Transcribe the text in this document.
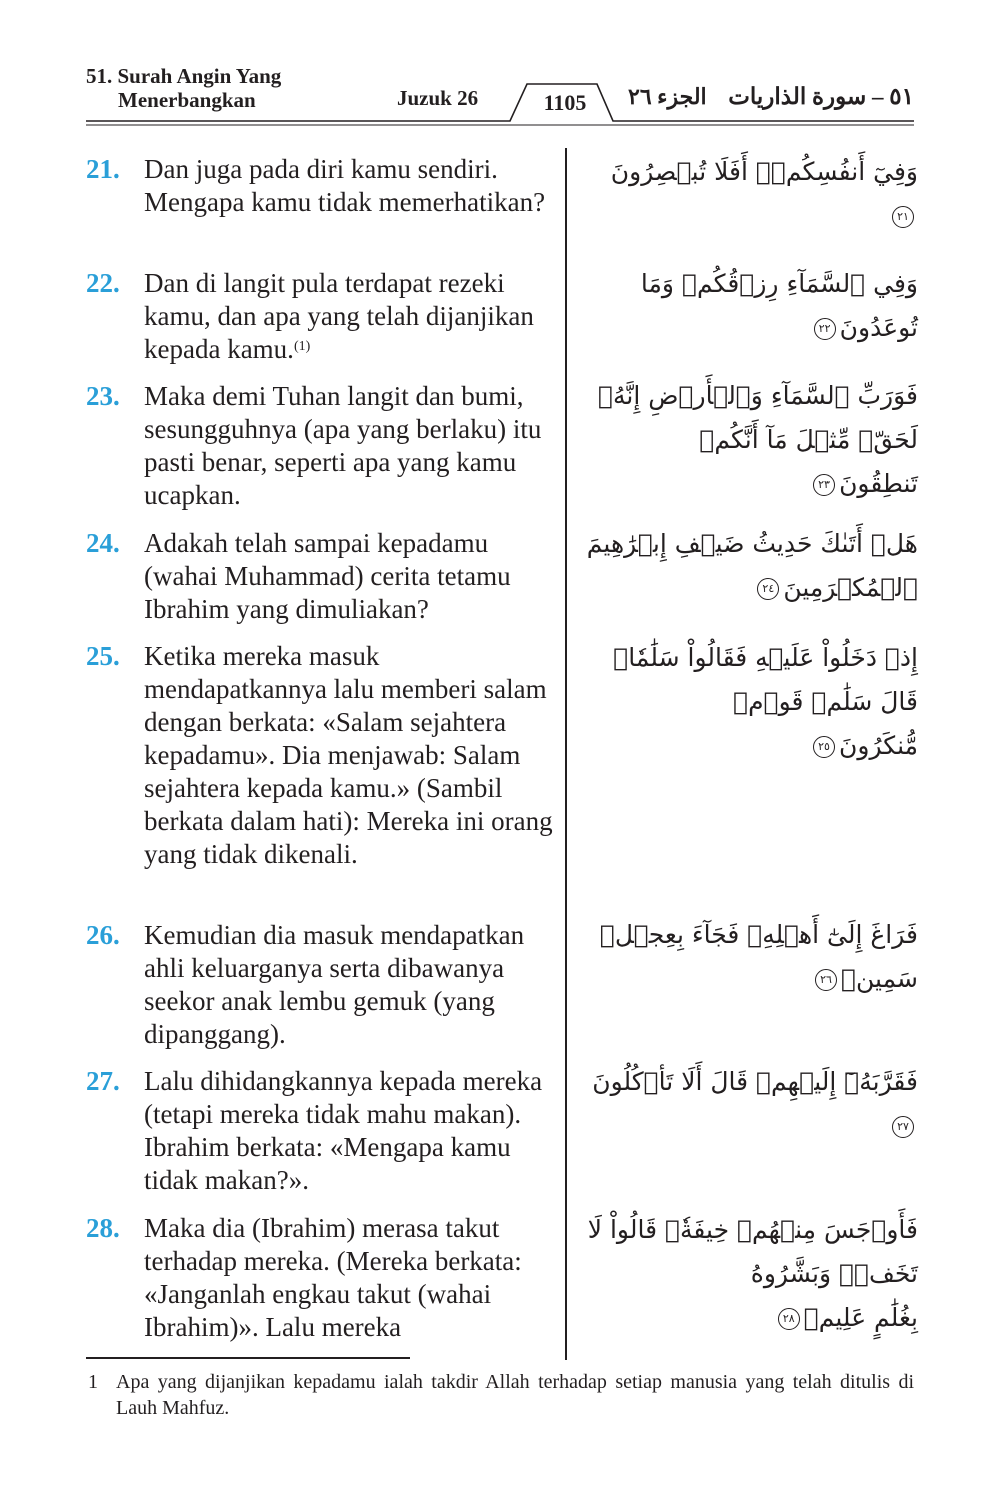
51. Surah Angin Yang
Menerbangkan	Juzuk 26	1105	الجزء ٢٦ ٥١ – سورة الذاريات
21. Dan juga pada diri kamu sendiri. Mengapa kamu tidak memerhatikan?
وَفِيٓ أَنفُسِكُمۡۚ أَفَلَا تُبۡصِرُونَ٢١
22. Dan di langit pula terdapat rezeki kamu, dan apa yang telah dijanjikan kepada kamu.$^{(1)}$
وَفِي ٱلسَّمَآءِ رِزۡقُكُمۡ وَمَا تُوعَدُونَ٢٢
23. Maka demi Tuhan langit dan bumi, sesungguhnya (apa yang berlaku) itu pasti benar, seperti apa yang kamu ucapkan.
فَوَرَبِّ ٱلسَّمَآءِ وَٱلۡأَرۡضِ إِنَّهُۥ لَحَقّٞ مِّثۡلَ مَآ أَنَّكُمۡ
تَنطِقُونَ٢٣
24. Adakah telah sampai kepadamu (wahai Muhammad) cerita tetamu Ibrahim yang dimuliakan?
هَلۡ أَتَىٰكَ حَدِيثُ ضَيۡفِ إِبۡرَٰهِيمَ ٱلۡمُكۡرَمِينَ٢٤
25. Ketika mereka masuk mendapatkannya lalu memberi salam dengan berkata: «Salam sejahtera kepadamu». Dia menjawab: Salam sejahtera kepada kamu.» (Sambil berkata dalam hati): Mereka ini orang yang tidak dikenali.
إِذۡ دَخَلُواْ عَلَيۡهِ فَقَالُواْ سَلَٰمٗاۖ قَالَ سَلَٰمٞ قَوۡمٞ
مُّنكَرُونَ٢٥
26. Kemudian dia masuk mendapatkan ahli keluarganya serta dibawanya seekor anak lembu gemuk (yang dipanggang).
فَرَاغَ إِلَىٰٓ أَهۡلِهِۦ فَجَآءَ بِعِجۡلٖ سَمِينٖ٢٦
27. Lalu dihidangkannya kepada mereka (tetapi mereka tidak mahu makan). Ibrahim berkata: «Mengapa kamu tidak makan?».
فَقَرَّبَهُۥٓ إِلَيۡهِمۡ قَالَ أَلَا تَأۡكُلُونَ٢٧
28. Maka dia (Ibrahim) merasa takut terhadap mereka. (Mereka berkata: «Janganlah engkau takut (wahai Ibrahim)». Lalu mereka
فَأَوۡجَسَ مِنۡهُمۡ خِيفَةٗۖ قَالُواْ لَا تَخَفۡۖ وَبَشَّرُوهُ
بِغُلَٰمٍ عَلِيمٖ٢٨
1 Apa yang dijanjikan kepadamu ialah takdir Allah terhadap setiap manusia yang telah ditulis di Lauh Mahfuz.
